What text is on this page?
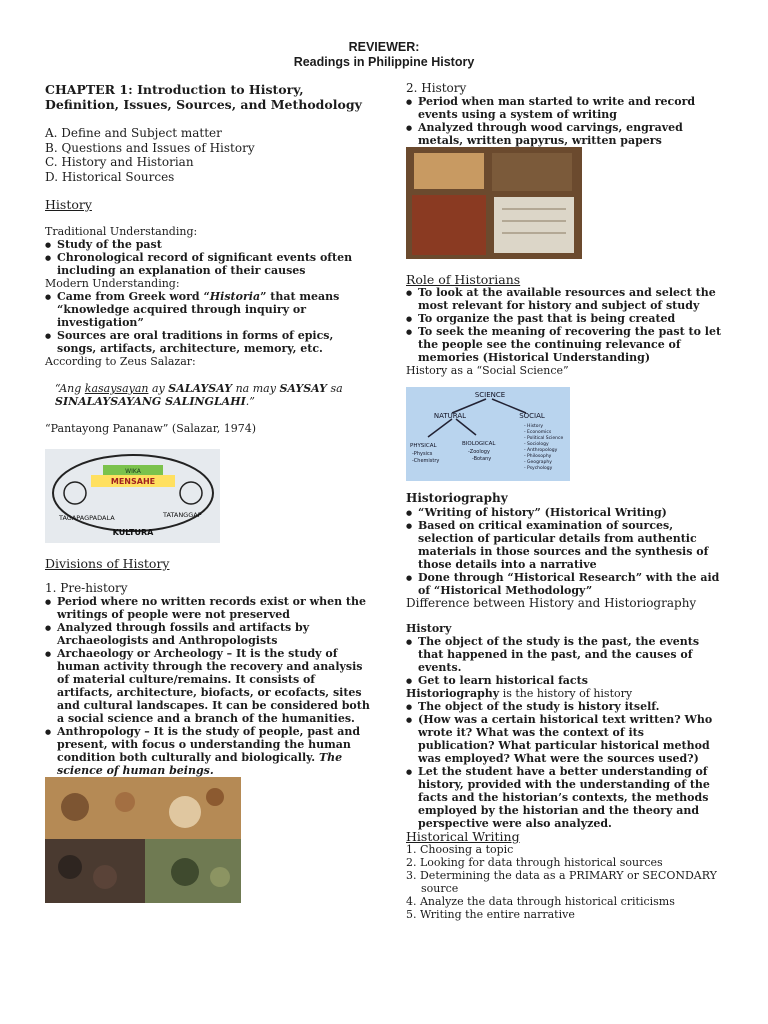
REVIEWER:
Readings in Philippine History

CHAPTER 1: Introduction to History, Definition, Issues, Sources, and Methodology

A. Define and Subject matter
B. Questions and Issues of History
C. History and Historian
D. Historical Sources

History

Traditional Understanding:

● Study of the past
● Chronological record of significant events often including an explanation of their causes

Modern Understanding:

● Came from Greek word “Historia” that means “knowledge acquired through inquiry or investigation”
● Sources are oral traditions in forms of epics, songs, artifacts, architecture, memory, etc.

According to Zeus Salazar:

“Ang kasaysayan ay SALAYSAY na may SAYSAY sa SINALAYSAYANG SALINGLAHI.”

“Pantayong Pananaw” (Salazar, 1974)

WIKA
MENSAHE
TAGAPAGPADALA	TATANGGAP
KULTURA

Divisions of History

1. Pre-history

● Period where no written records exist or when the writings of people were not preserved
● Analyzed through fossils and artifacts by Archaeologists and Anthropologists
● Archaeology or Archeology – It is the study of human activity through the recovery and analysis of material culture/remains. It consists of artifacts, architecture, biofacts, or ecofacts, sites and cultural landscapes. It can be considered both a social science and a branch of the humanities.
● Anthropology – It is the study of people, past and present, with focus o understanding the human condition both culturally and biologically. The science of human beings.

2. History

● Period when man started to write and record events using a system of writing
● Analyzed through wood carvings, engraved metals, written papyrus, written papers

Role of Historians

● To look at the available resources and select the most relevant for history and subject of study
● To organize the past that is being created
● To seek the meaning of recovering the past to let the people see the continuing relevance of memories (Historical Understanding)

History as a “Social Science”

SCIENCE
NATURAL	SOCIAL
PHYSICAL
-Physics
-Chemistry
BIOLOGICAL
-Zoology
-Botany
- History
- Economics
- Political Science
- Sociology
- Anthropology
- Philosophy
- Geography
- Psychology

Historiography

● “Writing of history” (Historical Writing)
● Based on critical examination of sources, selection of particular details from authentic materials in those sources and the synthesis of those details into a narrative
● Done through “Historical Research” with the aid of “Historical Methodology”

Difference between History and Historiography

History

● The object of the study is the past, the events that happened in the past, and the causes of events.
● Get to learn historical facts

Historiography is the history of history

● The object of the study is history itself.
● (How was a certain historical text written? Who wrote it? What was the context of its publication? What particular historical method was employed? What were the sources used?)
● Let the student have a better understanding of history, provided with the understanding of the facts and the historian’s contexts, the methods employed by the historian and the theory and perspective were also analyzed.

Historical Writing

1. Choosing a topic
2. Looking for data through historical sources
3. Determining the data as a PRIMARY or SECONDARY source
4. Analyze the data through historical criticisms
5. Writing the entire narrative
